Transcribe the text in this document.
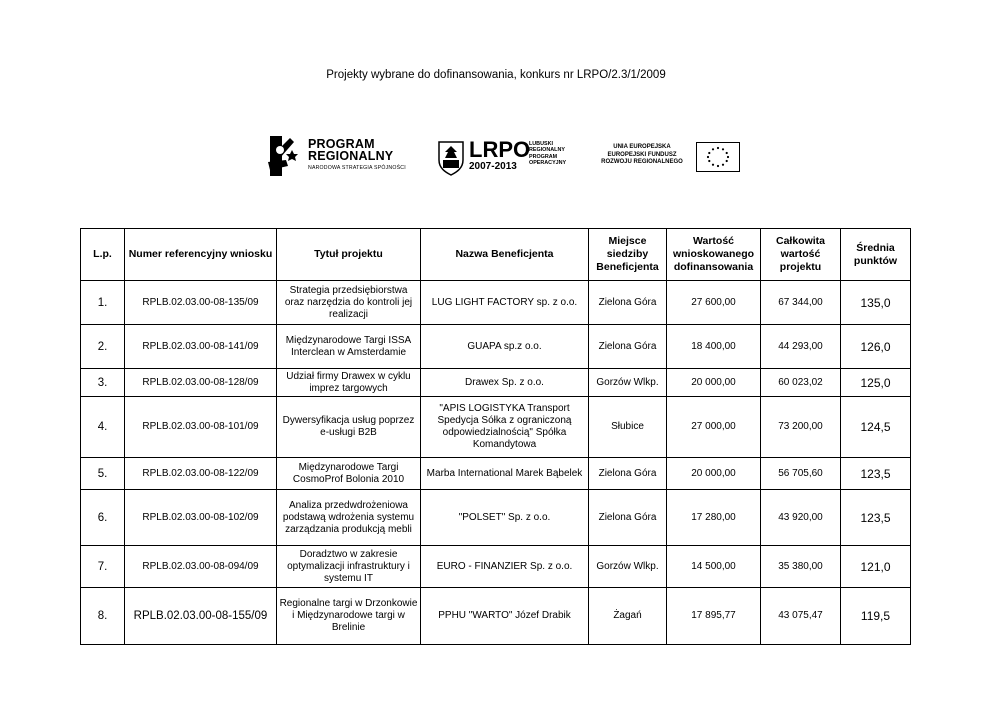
Projekty wybrane do dofinansowania, konkurs nr LRPO/2.3/1/2009
PROGRAM
REGIONALNY
NARODOWA STRATEGIA SPÓJNOŚCI
LRPO
2007-2013
LUBUSKI
REGIONALNY
PROGRAM
OPERACYJNY
UNIA EUROPEJSKA
EUROPEJSKI FUNDUSZ
ROZWOJU REGIONALNEGO
L.p.	Numer referencyjny wniosku	Tytuł projektu	Nazwa Beneficjenta	Miejsce siedziby Beneficjenta	Wartość wnioskowanego dofinansowania	Całkowita wartość projektu	Średnia punktów
1.	RPLB.02.03.00-08-135/09	Strategia przedsiębiorstwa oraz narzędzia do kontroli jej realizacji	LUG LIGHT FACTORY sp. z o.o.	Zielona Góra	27 600,00	67 344,00	135,0
2.	RPLB.02.03.00-08-141/09	Międzynarodowe Targi ISSA Interclean w Amsterdamie	GUAPA sp.z o.o.	Zielona Góra	18 400,00	44 293,00	126,0
3.	RPLB.02.03.00-08-128/09	Udział firmy Drawex w cyklu imprez targowych	Drawex Sp. z o.o.	Gorzów Wlkp.	20 000,00	60 023,02	125,0
4.	RPLB.02.03.00-08-101/09	Dywersyfikacja usług poprzez e-usługi B2B	"APIS LOGISTYKA Transport Spedycja Sółka z ograniczoną odpowiedzialnością" Spółka Komandytowa	Słubice	27 000,00	73 200,00	124,5
5.	RPLB.02.03.00-08-122/09	Międzynarodowe Targi CosmoProf Bolonia 2010	Marba International Marek Bąbelek	Zielona Góra	20 000,00	56 705,60	123,5
6.	RPLB.02.03.00-08-102/09	Analiza przedwdrożeniowa podstawą wdrożenia systemu zarządzania produkcją mebli	"POLSET" Sp. z o.o.	Zielona Góra	17 280,00	43 920,00	123,5
7.	RPLB.02.03.00-08-094/09	Doradztwo w zakresie optymalizacji infrastruktury i systemu IT	EURO - FINANZIER Sp. z o.o.	Gorzów Wlkp.	14 500,00	35 380,00	121,0
8.	RPLB.02.03.00-08-155/09	Regionalne targi w Drzonkowie i Międzynarodowe targi w Brelinie	PPHU "WARTO" Józef Drabik	Żagań	17 895,77	43 075,47	119,5
